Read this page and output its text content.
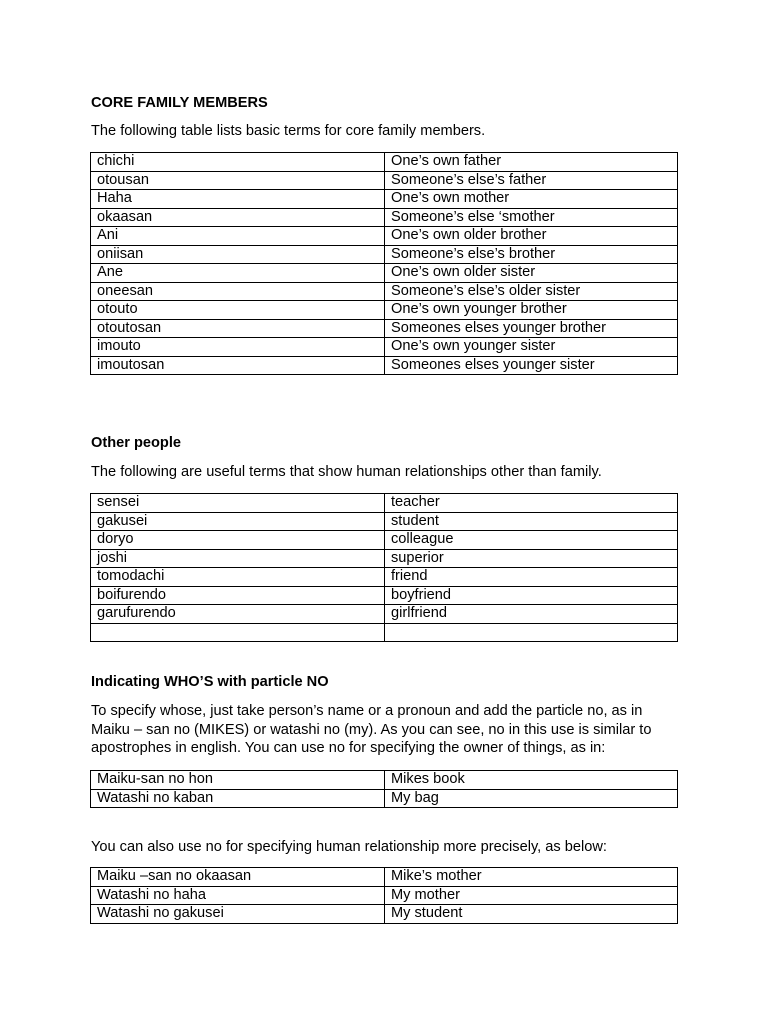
CORE FAMILY MEMBERS
The following table lists basic terms for core family members.
chichi	One’s own father
otousan	Someone’s else’s father
Haha	One’s own mother
okaasan	Someone’s else ‘smother
Ani	One’s own older brother
oniisan	Someone’s else’s brother
Ane	One’s own older sister
oneesan	Someone’s else’s older sister
otouto	One’s own younger brother
otoutosan	Someones elses younger brother
imouto	One’s own younger sister
imoutosan	Someones elses younger sister
Other people
The following are useful terms that show human relationships other than family.
sensei	teacher
gakusei	student
doryo	colleague
joshi	superior
tomodachi	friend
boifurendo	boyfriend
garufurendo	girlfriend

Indicating WHO’S with particle NO
To specify whose, just take person’s name or a pronoun and add the particle no, as in
Maiku – san no (MIKES) or watashi no (my). As you can see, no in this use is similar to
apostrophes in english. You can use no for specifying the owner of things, as in:
Maiku-san no hon	Mikes book
Watashi no kaban	My bag
You can also use no for specifying human relationship more precisely, as below:
Maiku –san no okaasan	Mike’s mother
Watashi no haha	My mother
Watashi no gakusei	My student
